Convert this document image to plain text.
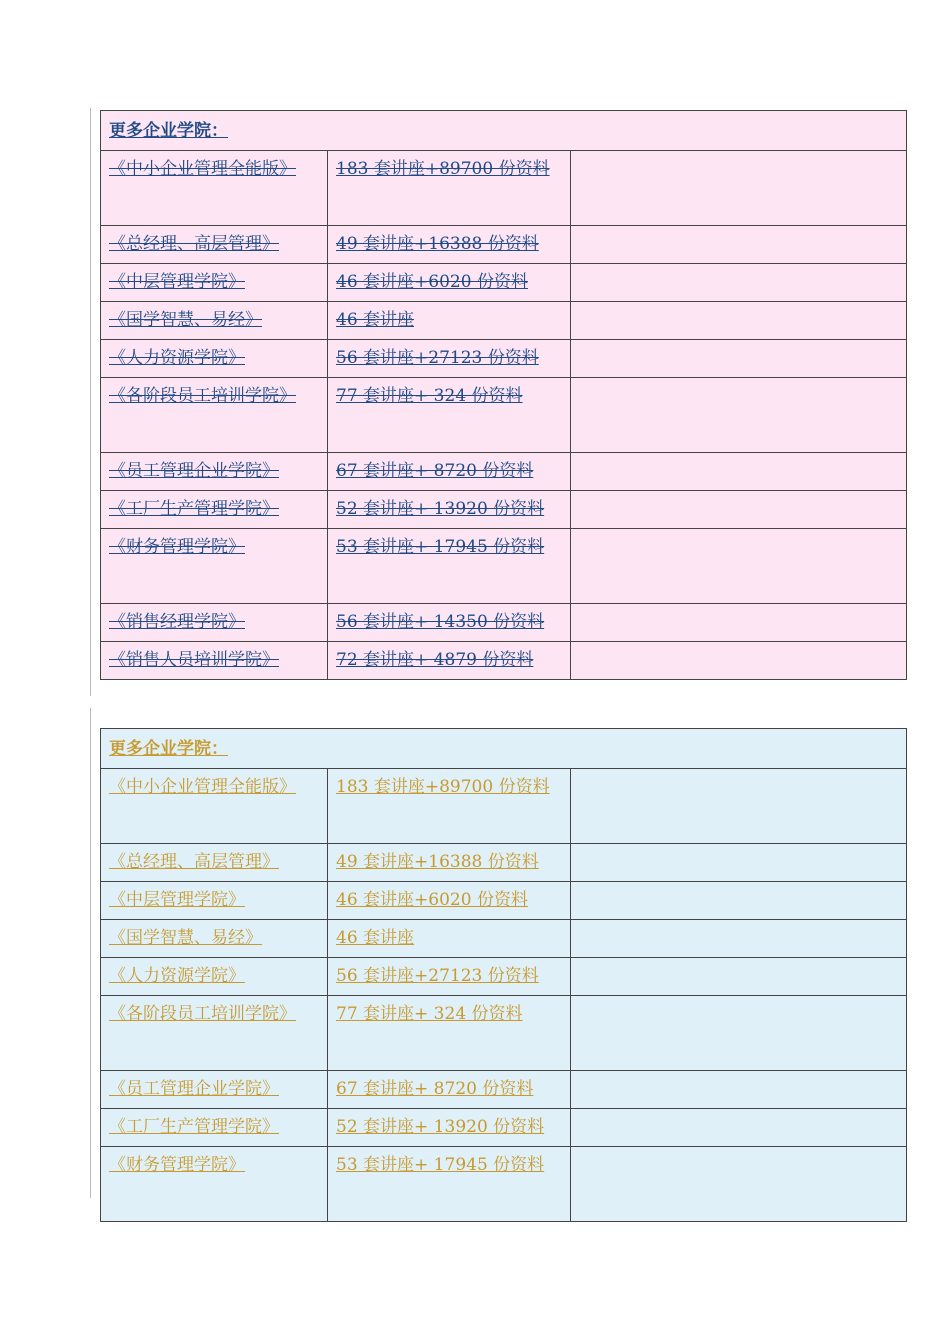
更多企业学院：		
《中小企业管理全能版》	183 套讲座+89700 份资料	
《总经理、高层管理》	49 套讲座+16388 份资料	
《中层管理学院》	46 套讲座+6020 份资料	
《国学智慧、易经》	46 套讲座	
《人力资源学院》	56 套讲座+27123 份资料	
《各阶段员工培训学院》	77 套讲座+ 324 份资料	
《员工管理企业学院》	67 套讲座+ 8720 份资料	
《工厂生产管理学院》	52 套讲座+ 13920 份资料	
《财务管理学院》	53 套讲座+ 17945 份资料	
《销售经理学院》	56 套讲座+ 14350 份资料	
《销售人员培训学院》	72 套讲座+ 4879 份资料	
更多企业学院：		
《中小企业管理全能版》	183 套讲座+89700 份资料	
《总经理、高层管理》	49 套讲座+16388 份资料	
《中层管理学院》	46 套讲座+6020 份资料	
《国学智慧、易经》	46 套讲座	
《人力资源学院》	56 套讲座+27123 份资料	
《各阶段员工培训学院》	77 套讲座+ 324 份资料	
《员工管理企业学院》	67 套讲座+ 8720 份资料	
《工厂生产管理学院》	52 套讲座+ 13920 份资料	
《财务管理学院》	53 套讲座+ 17945 份资料	
